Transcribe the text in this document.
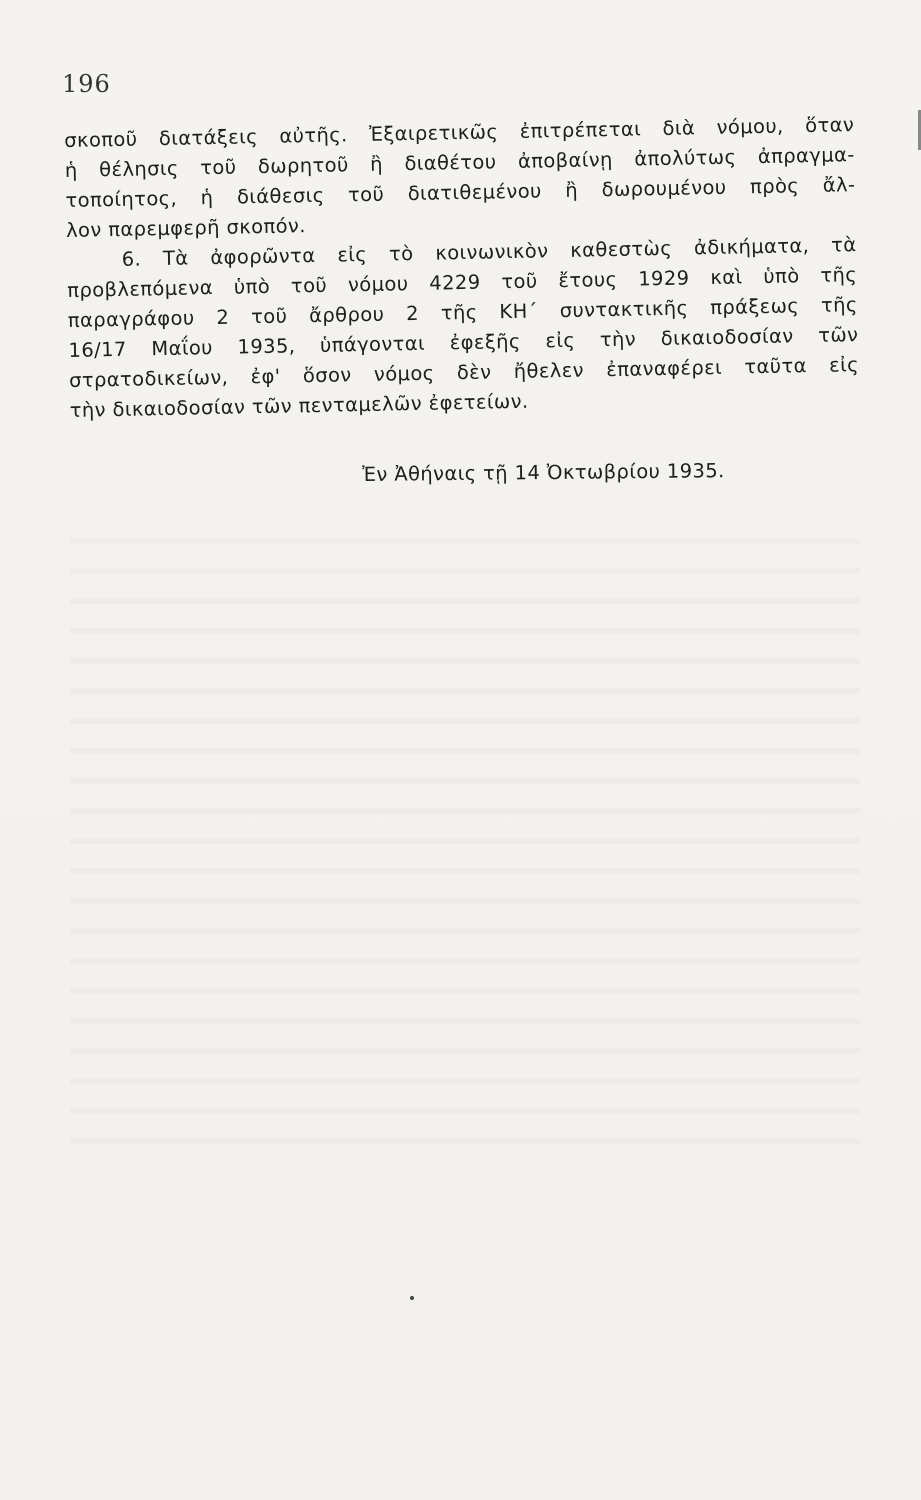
196
σκοποῦ διατάξεις αὐτῆς. Ἐξαιρετικῶς ἐπιτρέπεται διὰ νόμου, ὅταν
ἡ θέλησις τοῦ δωρητοῦ ἢ διαθέτου ἀποβαίνῃ ἀπολύτως ἀπραγμα-
τοποίητος, ἡ διάθεσις τοῦ διατιθεμένου ἢ δωρουμένου πρὸς ἄλ-
λον παρεμφερῆ σκοπόν.
6. Τὰ ἀφορῶντα εἰς τὸ κοινωνικὸν καθεστὼς ἀδικήματα, τὰ
προβλεπόμενα ὑπὸ τοῦ νόμου 4229 τοῦ ἔτους 1929 καὶ ὑπὸ τῆς
παραγράφου 2 τοῦ ἄρθρου 2 τῆς ΚΗ΄ συντακτικῆς πράξεως τῆς
16/17 Μαΐου 1935, ὑπάγονται ἐφεξῆς εἰς τὴν δικαιοδοσίαν τῶν
στρατοδικείων, ἐφ' ὅσον νόμος δὲν ἤθελεν ἐπαναφέρει ταῦτα εἰς
τὴν δικαιοδοσίαν τῶν πενταμελῶν ἐφετείων.
Ἐν Ἀθήναις τῇ 14 Ὀκτωβρίου 1935.
